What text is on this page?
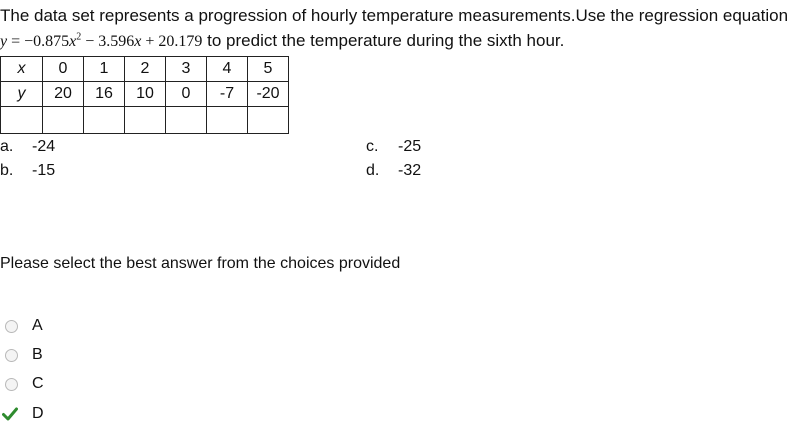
The data set represents a progression of hourly temperature measurements.Use the regression equation
$y = -0.875x^2 - 3.596x + 20.179$ to predict the temperature during the sixth hour.
x	0	1	2	3	4	5
y	20	16	10	0	-7	-20

a. -24
b. -15
c. -25
d. -32
Please select the best answer from the choices provided
A
B
C
D
